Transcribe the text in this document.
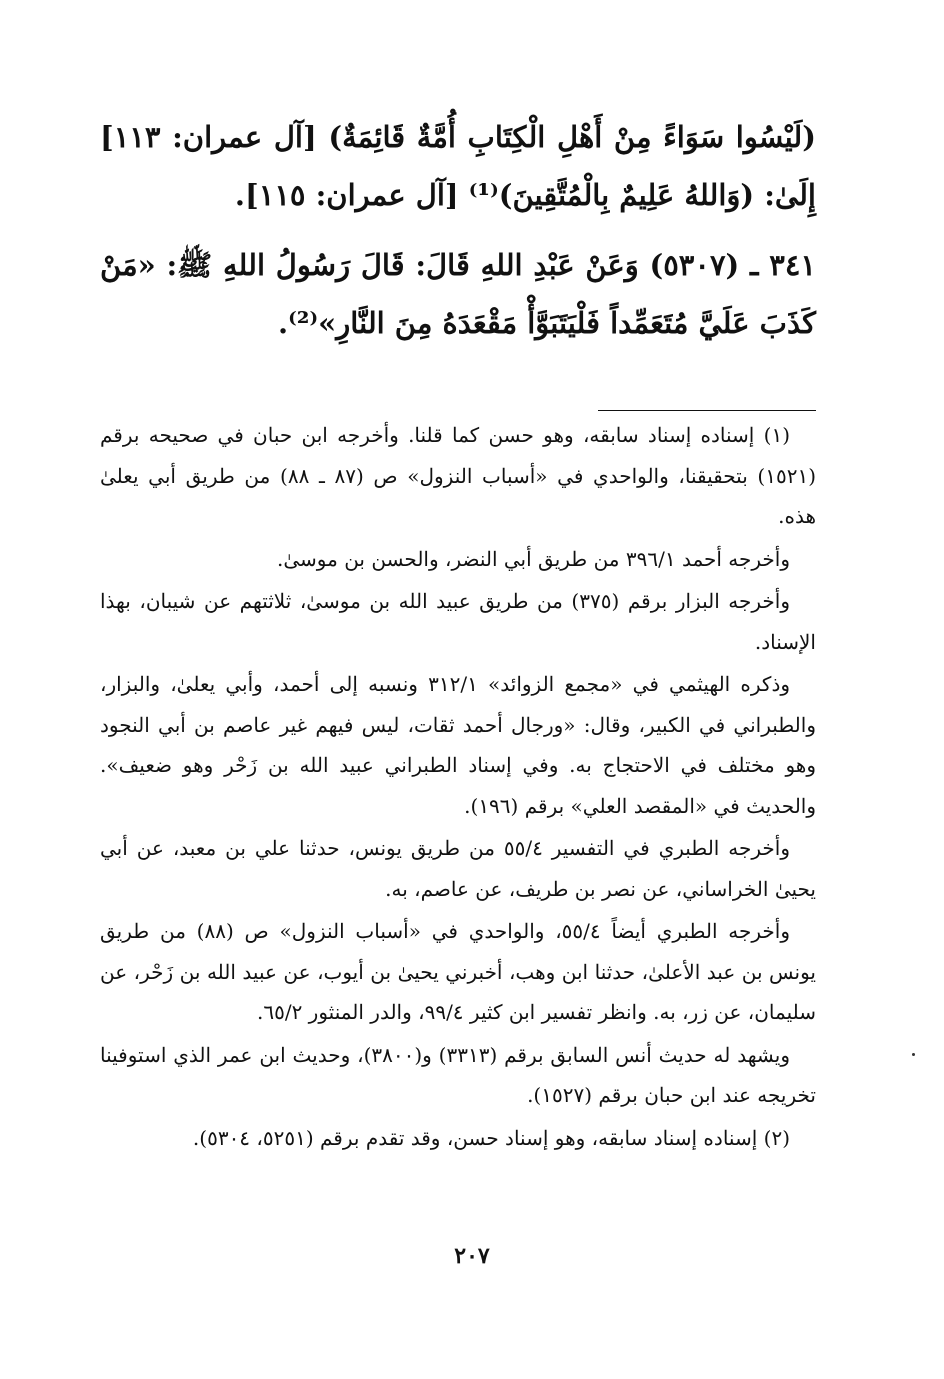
(لَيْسُوا سَوَاءً مِنْ أَهْلِ الْكِتَابِ أُمَّةٌ قَائِمَةٌ) [آل عمران: ١١٣] إِلَىٰ: (وَاللهُ عَلِيمٌ بِالْمُتَّقِينَ)⁽¹⁾ [آل عمران: ١١٥].

٣٤١ ـ (٥٣٠٧) وَعَنْ عَبْدِ اللهِ قَالَ: قَالَ رَسُولُ اللهِ ﷺ: «مَنْ كَذَبَ عَلَيَّ مُتَعَمِّداً فَلْيَتَبَوَّأْ مَقْعَدَهُ مِنَ النَّارِ»⁽²⁾.

(١) إسناده إسناد سابقه، وهو حسن كما قلنا. وأخرجه ابن حبان في صحيحه برقم (١٥٢١) بتحقيقنا، والواحدي في «أسباب النزول» ص (٨٧ ـ ٨٨) من طريق أبي يعلىٰ هذه.

وأخرجه أحمد ٣٩٦/١ من طريق أبي النضر، والحسن بن موسىٰ.

وأخرجه البزار برقم (٣٧٥) من طريق عبيد الله بن موسىٰ، ثلاثتهم عن شيبان، بهذا الإسناد.

وذكره الهيثمي في «مجمع الزوائد» ٣١٢/١ ونسبه إلى أحمد، وأبي يعلىٰ، والبزار، والطبراني في الكبير، وقال: «ورجال أحمد ثقات، ليس فيهم غير عاصم بن أبي النجود وهو مختلف في الاحتجاج به. وفي إسناد الطبراني عبيد الله بن زَحْر وهو ضعيف». والحديث في «المقصد العلي» برقم (١٩٦).

وأخرجه الطبري في التفسير ٥٥/٤ من طريق يونس، حدثنا علي بن معبد، عن أبي يحيىٰ الخراساني، عن نصر بن طريف، عن عاصم، به.

وأخرجه الطبري أيضاً ٥٥/٤، والواحدي في «أسباب النزول» ص (٨٨) من طريق يونس بن عبد الأعلىٰ، حدثنا ابن وهب، أخبرني يحيىٰ بن أيوب، عن عبيد الله بن زَحْر، عن سليمان، عن زر، به. وانظر تفسير ابن كثير ٩٩/٤، والدر المنثور ٦٥/٢.

ويشهد له حديث أنس السابق برقم (٣٣١٣) و(٣٨٠٠)، وحديث ابن عمر الذي استوفينا تخريجه عند ابن حبان برقم (١٥٢٧).

(٢) إسناده إسناد سابقه، وهو إسناد حسن، وقد تقدم برقم (٥٢٥١، ٥٣٠٤).

٢٠٧
